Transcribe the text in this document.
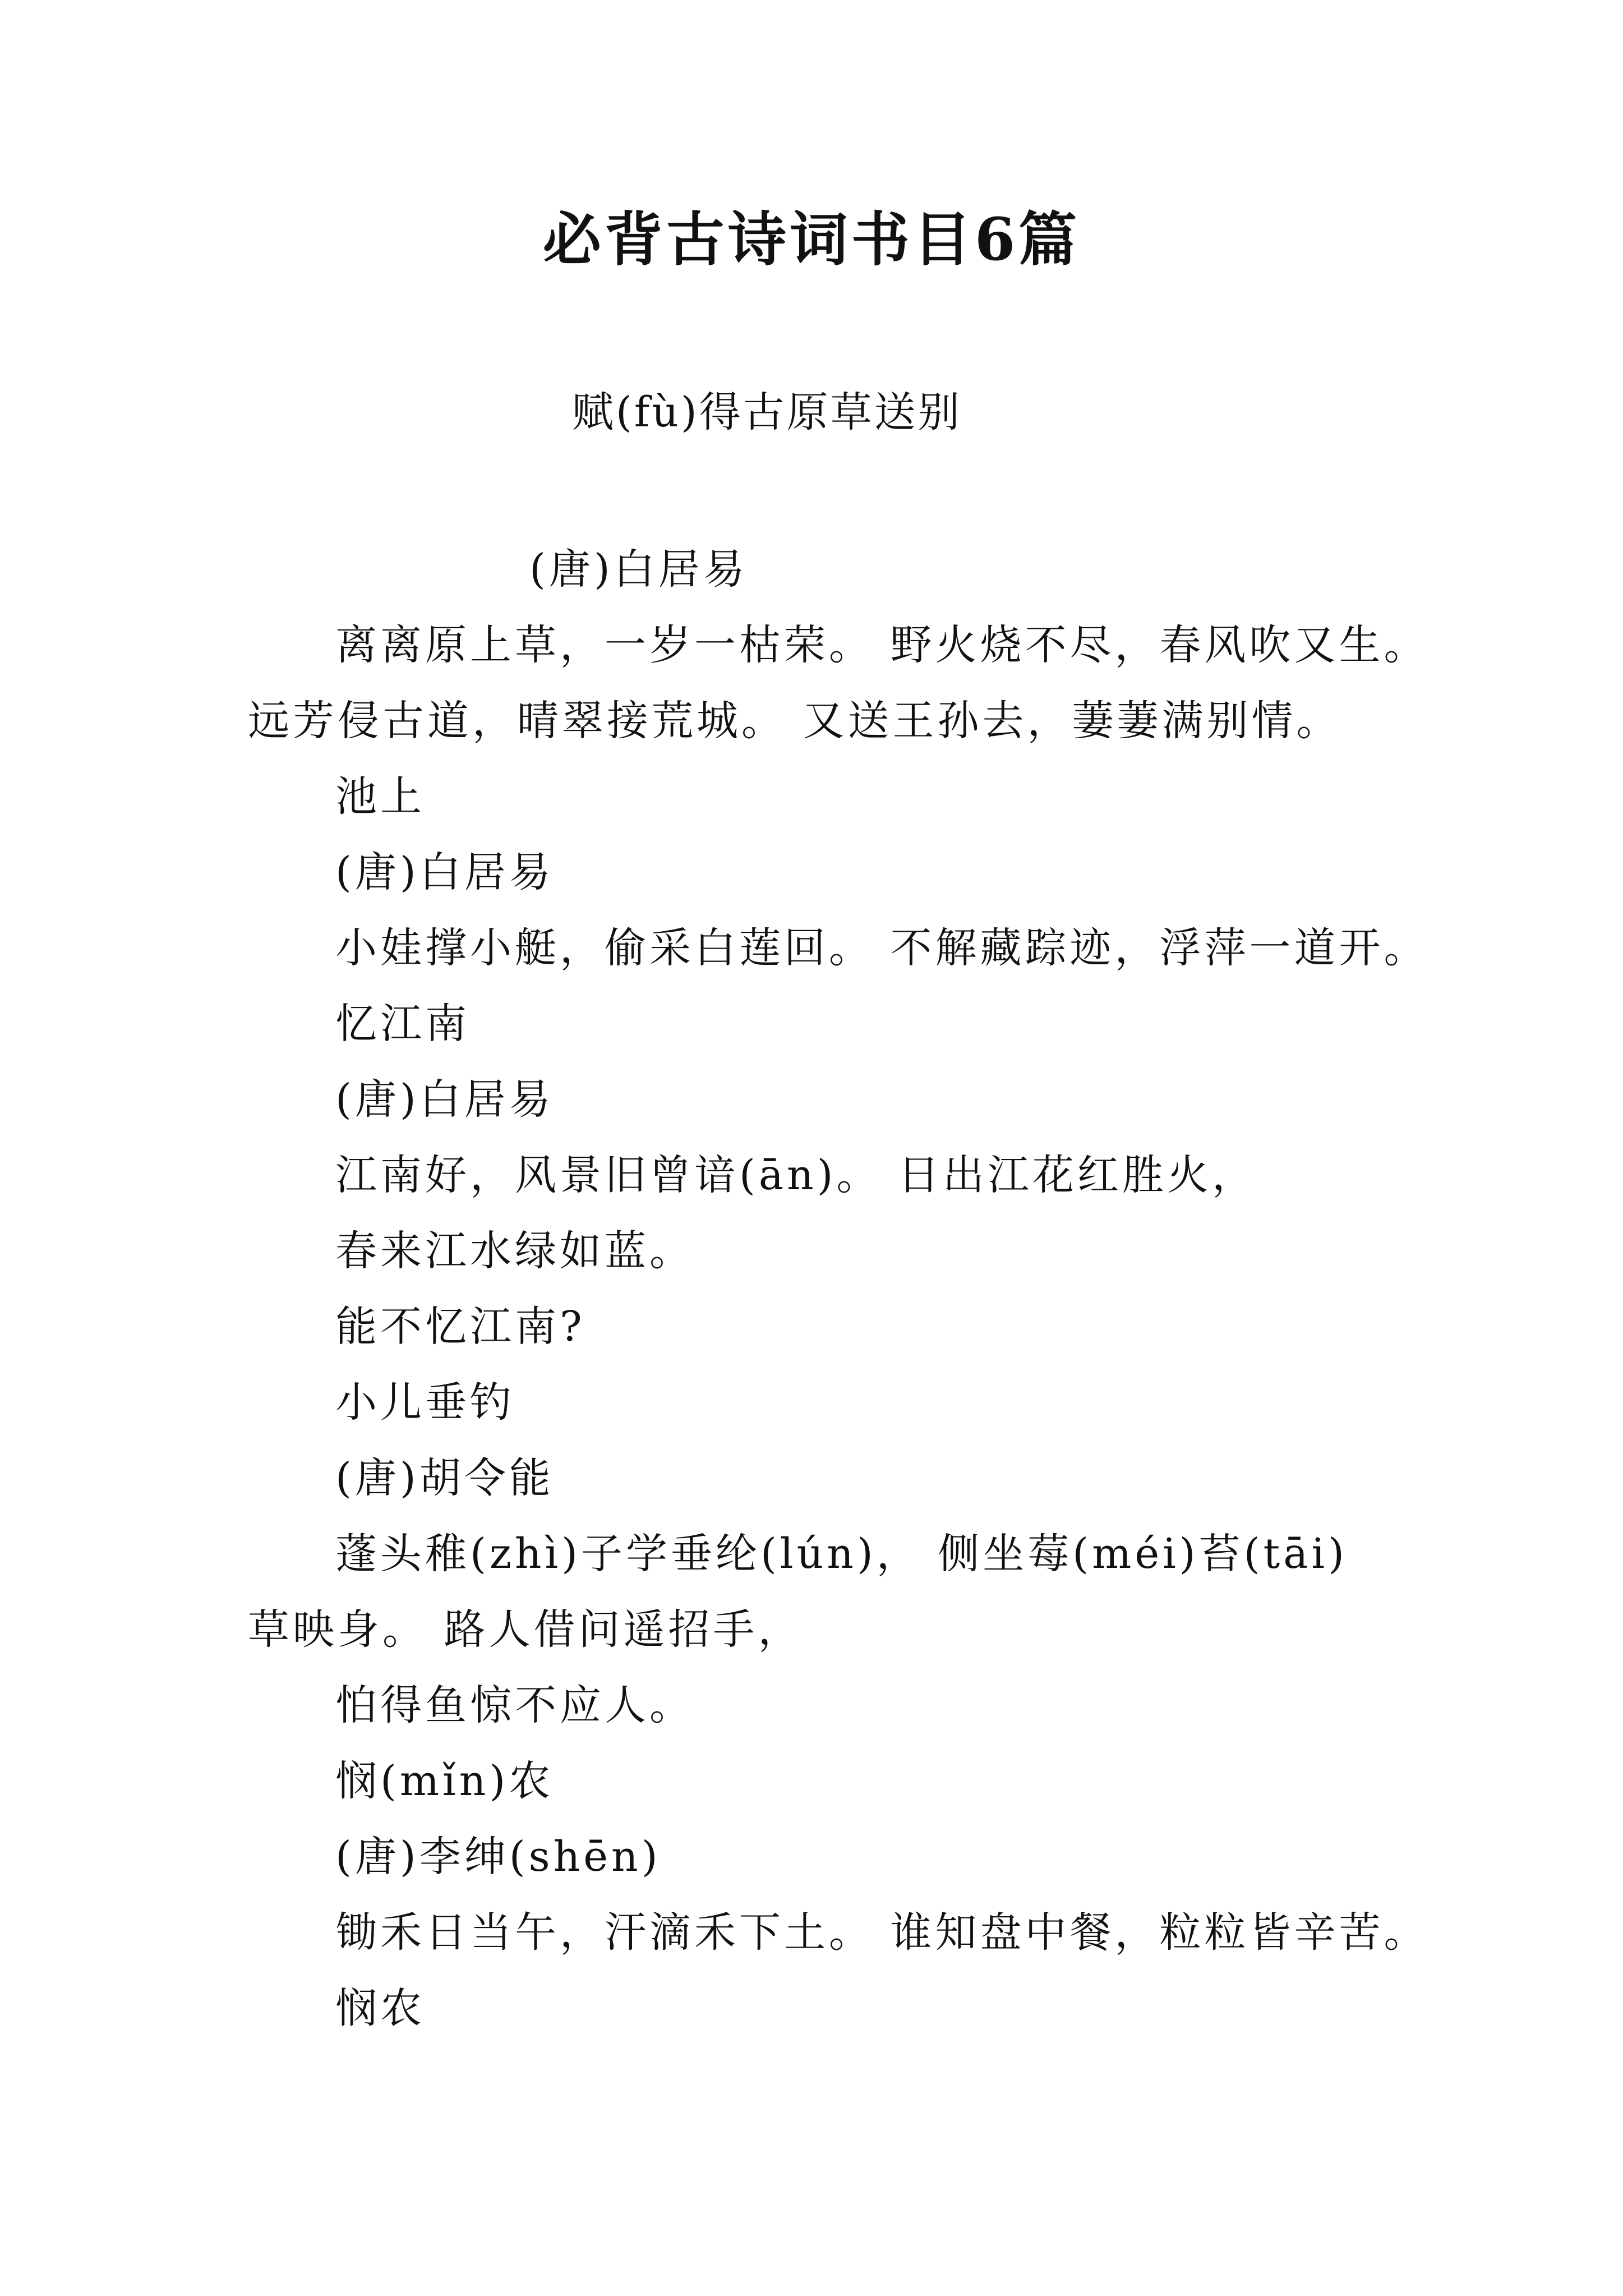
必背古诗词书目6篇
赋(fù)得古原草送别
(唐)白居易
离离原上草，一岁一枯荣。 野火烧不尽，春风吹又生。
远芳侵古道，晴翠接荒城。 又送王孙去，萋萋满别情。
池上
(唐)白居易
小娃撑小艇，偷采白莲回。 不解藏踪迹，浮萍一道开。
忆江南
(唐)白居易
江南好，风景旧曾谙(ān)。 日出江花红胜火，
春来江水绿如蓝。
能不忆江南?
小儿垂钓
(唐)胡令能
蓬头稚(zhì)子学垂纶(lún)， 侧坐莓(méi)苔(tāi)
草映身。 路人借问遥招手，
怕得鱼惊不应人。
悯(mǐn)农
(唐)李绅(shēn)
锄禾日当午，汗滴禾下土。 谁知盘中餐，粒粒皆辛苦。
悯农
